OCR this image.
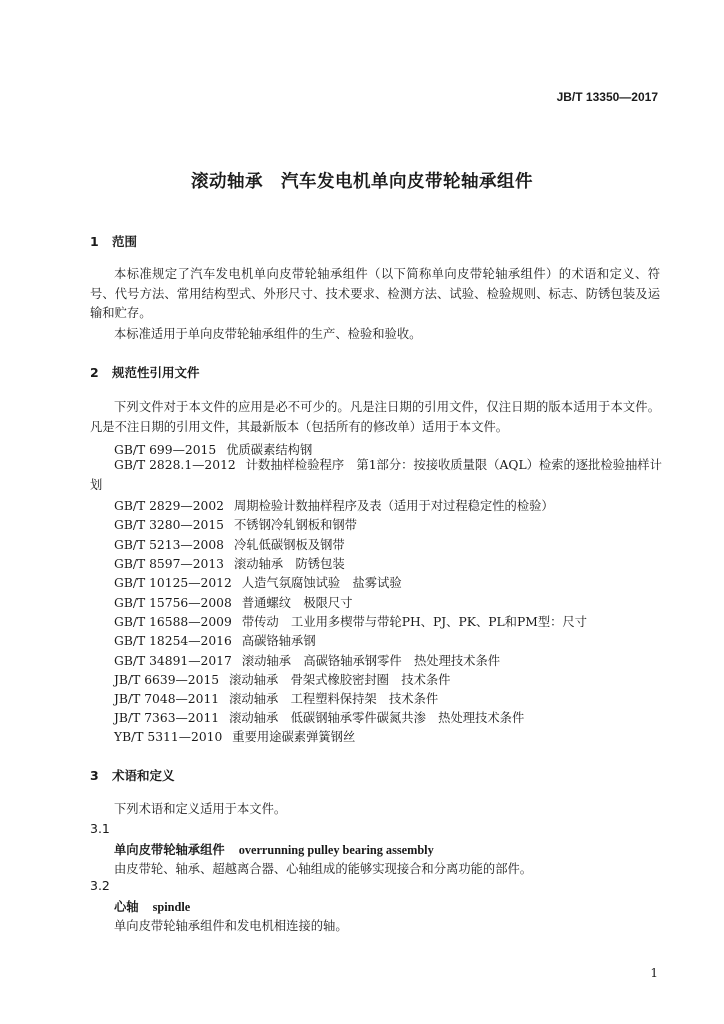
JB/T 13350—2017
滚动轴承 汽车发电机单向皮带轮轴承组件
1 范围
本标准规定了汽车发电机单向皮带轮轴承组件（以下简称单向皮带轮轴承组件）的术语和定义、符号、代号方法、常用结构型式、外形尺寸、技术要求、检测方法、试验、检验规则、标志、防锈包装及运输和贮存。
本标准适用于单向皮带轮轴承组件的生产、检验和验收。
2 规范性引用文件
下列文件对于本文件的应用是必不可少的。凡是注日期的引用文件，仅注日期的版本适用于本文件。凡是不注日期的引用文件，其最新版本（包括所有的修改单）适用于本文件。
GB/T 699—2015 优质碳素结构钢
GB/T 2828.1—2012 计数抽样检验程序　第1部分：按接收质量限（AQL）检索的逐批检验抽样计划
GB/T 2829—2002 周期检验计数抽样程序及表（适用于对过程稳定性的检验）
GB/T 3280—2015 不锈钢冷轧钢板和钢带
GB/T 5213—2008 冷轧低碳钢板及钢带
GB/T 8597—2013 滚动轴承　防锈包装
GB/T 10125—2012 人造气氛腐蚀试验　盐雾试验
GB/T 15756—2008 普通螺纹　极限尺寸
GB/T 16588—2009 带传动　工业用多楔带与带轮PH、PJ、PK、PL和PM型：尺寸
GB/T 18254—2016 高碳铬轴承钢
GB/T 34891—2017 滚动轴承　高碳铬轴承钢零件　热处理技术条件
JB/T 6639—2015 滚动轴承　骨架式橡胶密封圈　技术条件
JB/T 7048—2011 滚动轴承　工程塑料保持架　技术条件
JB/T 7363—2011 滚动轴承　低碳钢轴承零件碳氮共渗　热处理技术条件
YB/T 5311—2010 重要用途碳素弹簧钢丝
3 术语和定义
下列术语和定义适用于本文件。
3.1
单向皮带轮轴承组件 overrunning pulley bearing assembly
由皮带轮、轴承、超越离合器、心轴组成的能够实现接合和分离功能的部件。
3.2
心轴 spindle
单向皮带轮轴承组件和发电机相连接的轴。
1
